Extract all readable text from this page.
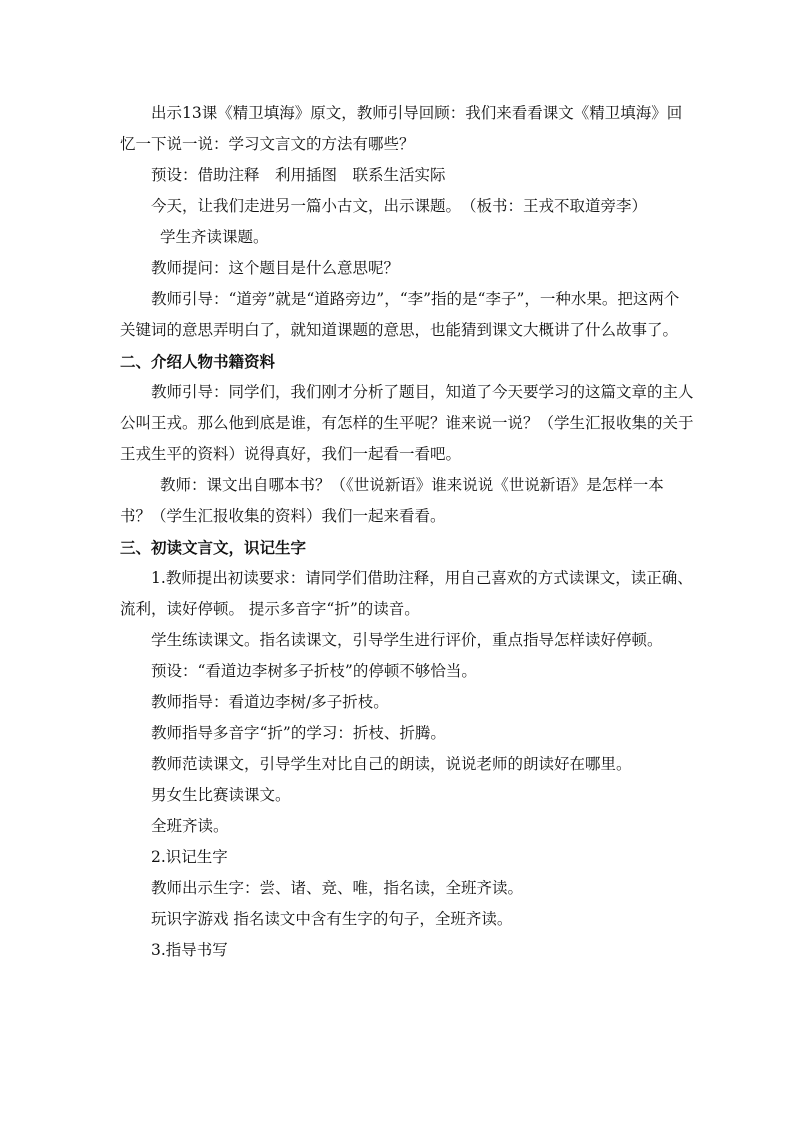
出示13课《精卫填海》原文，教师引导回顾：我们来看看课文《精卫填海》回忆一下说一说：学习文言文的方法有哪些？

预设：借助注释　利用插图　联系生活实际

今天，让我们走进另一篇小古文，出示课题。　（板书：王戎不取道旁李）

学生齐读课题。

教师提问：这个题目是什么意思呢？

教师引导：“道旁”就是“道路旁边”，“李”指的是“李子”，一种水果。把这两个关键词的意思弄明白了，就知道课题的意思，也能猜到课文大概讲了什么故事了。

二、介绍人物书籍资料

教师引导：同学们，我们刚才分析了题目，知道了今天要学习的这篇文章的主人公叫王戎。那么他到底是谁，有怎样的生平呢？谁来说一说？（学生汇报收集的关于王戎生平的资料）说得真好，我们一起看一看吧。

教师：课文出自哪本书？（《世说新语》谁来说说《世说新语》是怎样一本书？（学生汇报收集的资料）我们一起来看看。

三、初读文言文，识记生字

1.教师提出初读要求：请同学们借助注释，用自己喜欢的方式读课文，读正确、流利，读好停顿。 提示多音字“折”的读音。

学生练读课文。指名读课文，引导学生进行评价，重点指导怎样读好停顿。

预设：“看道边李树多子折枝”的停顿不够恰当。

教师指导：看道边李树/多子折枝。

教师指导多音字“折”的学习：折枝、折腾。

教师范读课文，引导学生对比自己的朗读，说说老师的朗读好在哪里。

男女生比赛读课文。

全班齐读。

2.识记生字

教师出示生字：尝、诸、竞、唯，指名读，全班齐读。

玩识字游戏 指名读文中含有生字的句子，全班齐读。

3.指导书写
